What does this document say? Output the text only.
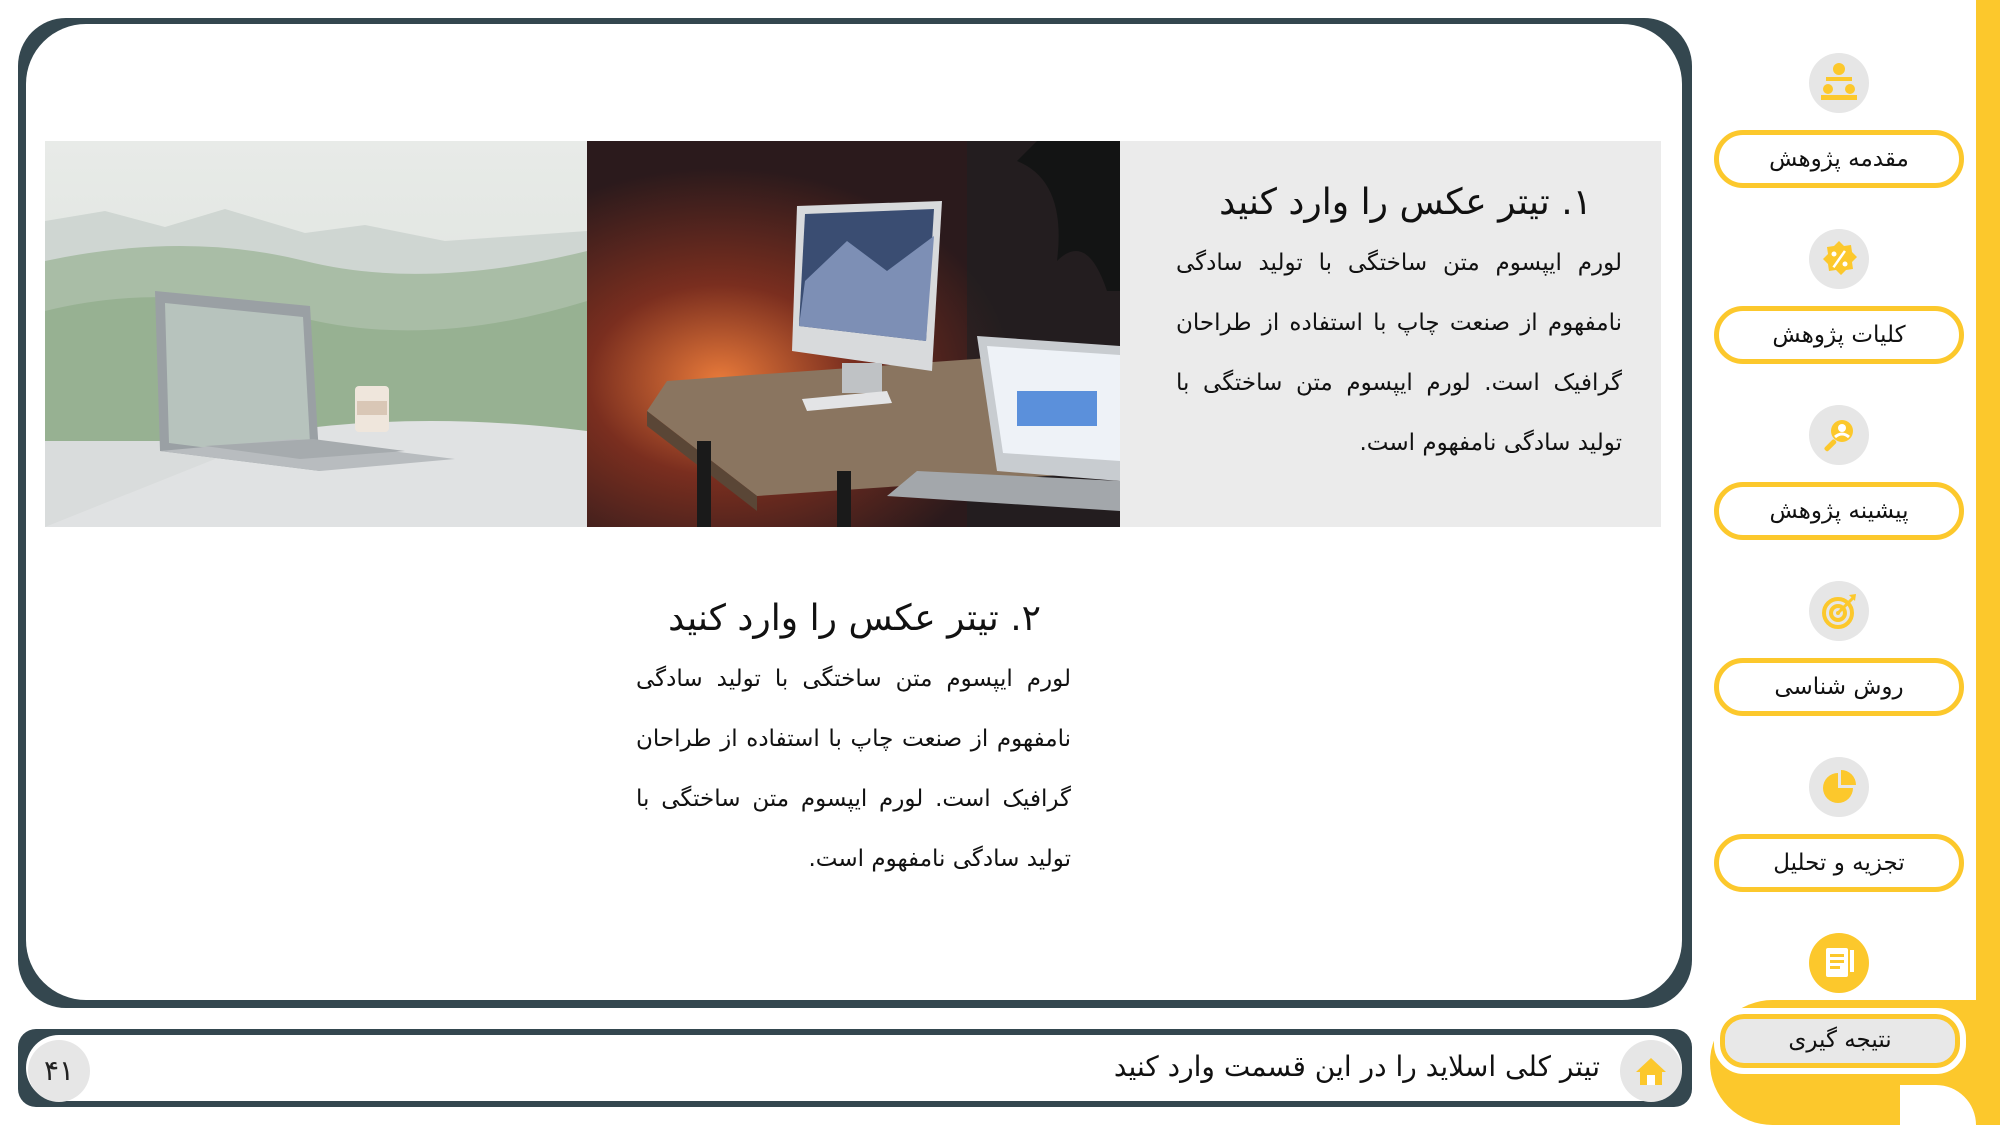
۱. تیتر عکس را وارد کنید

لورم ایپسوم متن ساختگی با تولید سادگی نامفهوم از صنعت چاپ با استفاده از طراحان گرافیک است. لورم ایپسوم متن ساختگی با تولید سادگی نامفهوم است.

۲. تیتر عکس را وارد کنید

لورم ایپسوم متن ساختگی با تولید سادگی نامفهوم از صنعت چاپ با استفاده از طراحان گرافیک است. لورم ایپسوم متن ساختگی با تولید سادگی نامفهوم است.

۴۱	تیتر کلی اسلاید را در این قسمت وارد کنید
مقدمه پژوهش
کلیات پژوهش
پیشینه پژوهش
روش شناسی
تجزیه و تحلیل
نتیجه گیری
